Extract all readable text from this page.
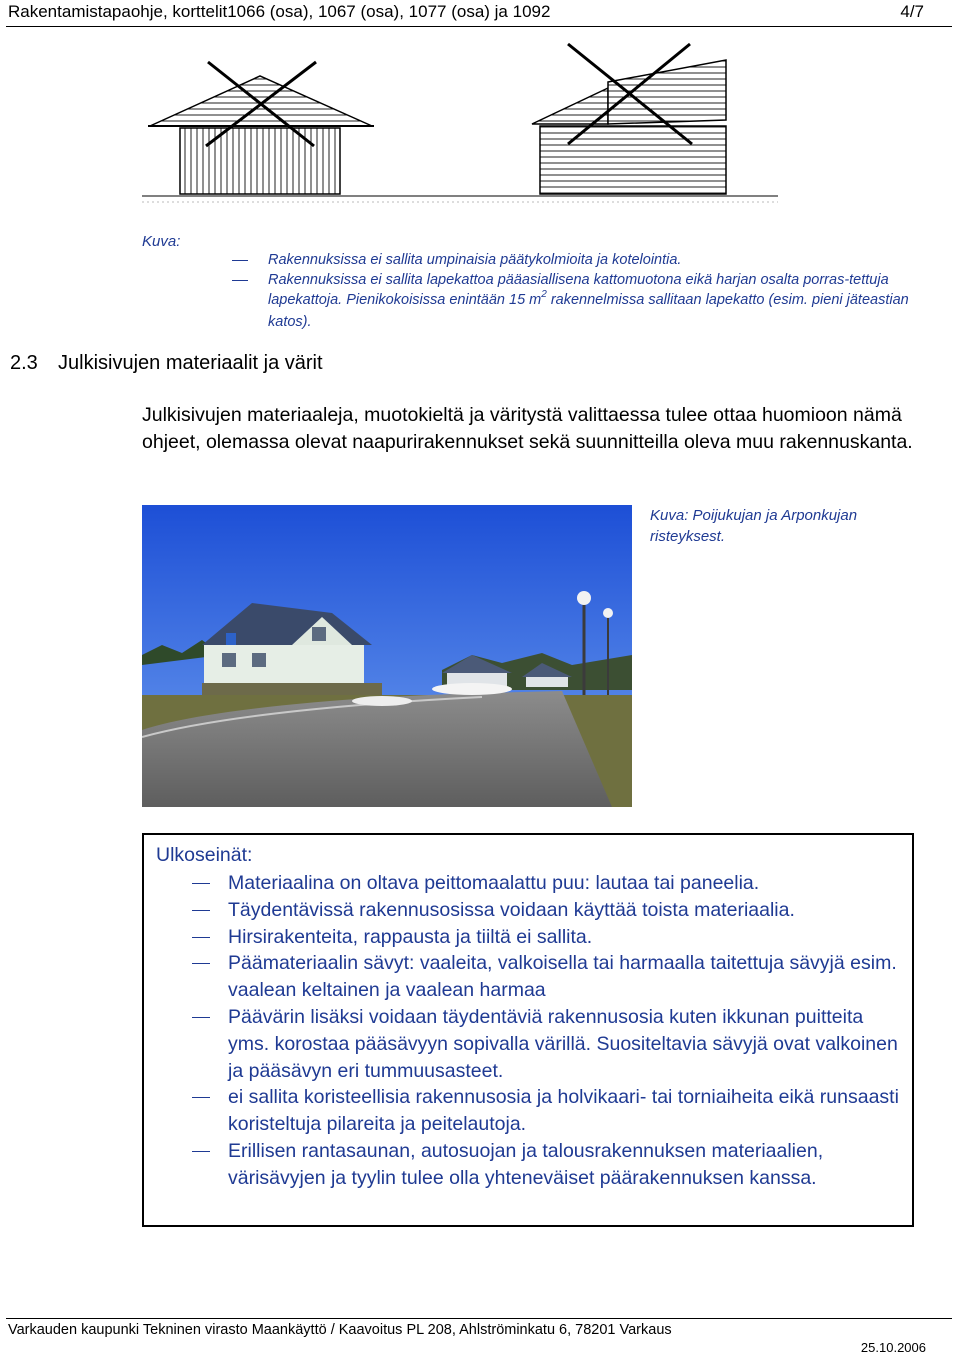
Rakentamistapaohje, korttelit1066 (osa), 1067 (osa), 1077 (osa) ja 1092	4/7
Kuva:
Rakennuksissa ei sallita umpinaisia päätykolmioita ja kotelointia.
Rakennuksissa ei sallita lapekattoa pääasiallisena kattomuotona eikä harjan osalta porras-tettuja lapekattoja. Pienikokoisissa enintään 15 m$^2$ rakennelmissa sallitaan lapekatto (esim. pieni jäteastian katos).
2.3 Julkisivujen materiaalit ja värit
Julkisivujen materiaaleja, muotokieltä ja väritystä valittaessa tulee ottaa huomioon nämä ohjeet, olemassa olevat naapurirakennukset sekä suunnitteilla oleva muu rakennuskanta.
Kuva: Poijukujan ja Arponkujan risteyksest.
Ulkoseinät:
Materiaalina on oltava peittomaalattu puu: lautaa tai paneelia.
Täydentävissä rakennusosissa voidaan käyttää toista materiaalia.
Hirsirakenteita, rappausta ja tiiltä ei sallita.
Päämateriaalin sävyt: vaaleita, valkoisella tai harmaalla taitettuja sävyjä esim. vaalean keltainen ja vaalean harmaa
Päävärin lisäksi voidaan täydentäviä rakennusosia kuten ikkunan puitteita yms. korostaa pääsävyyn sopivalla värillä. Suositeltavia sävyjä ovat valkoinen ja pääsävyn eri tummuusasteet.
ei sallita koristeellisia rakennusosia ja holvikaari- tai torniaiheita eikä runsaasti koristeltuja pilareita ja peitelautoja.
Erillisen rantasaunan, autosuojan ja talousrakennuksen materiaalien, värisävyjen ja tyylin tulee olla yhteneväiset päärakennuksen kanssa.
Varkauden kaupunki Tekninen virasto Maankäyttö / Kaavoitus PL 208, Ahlströminkatu 6, 78201 Varkaus
25.10.2006
